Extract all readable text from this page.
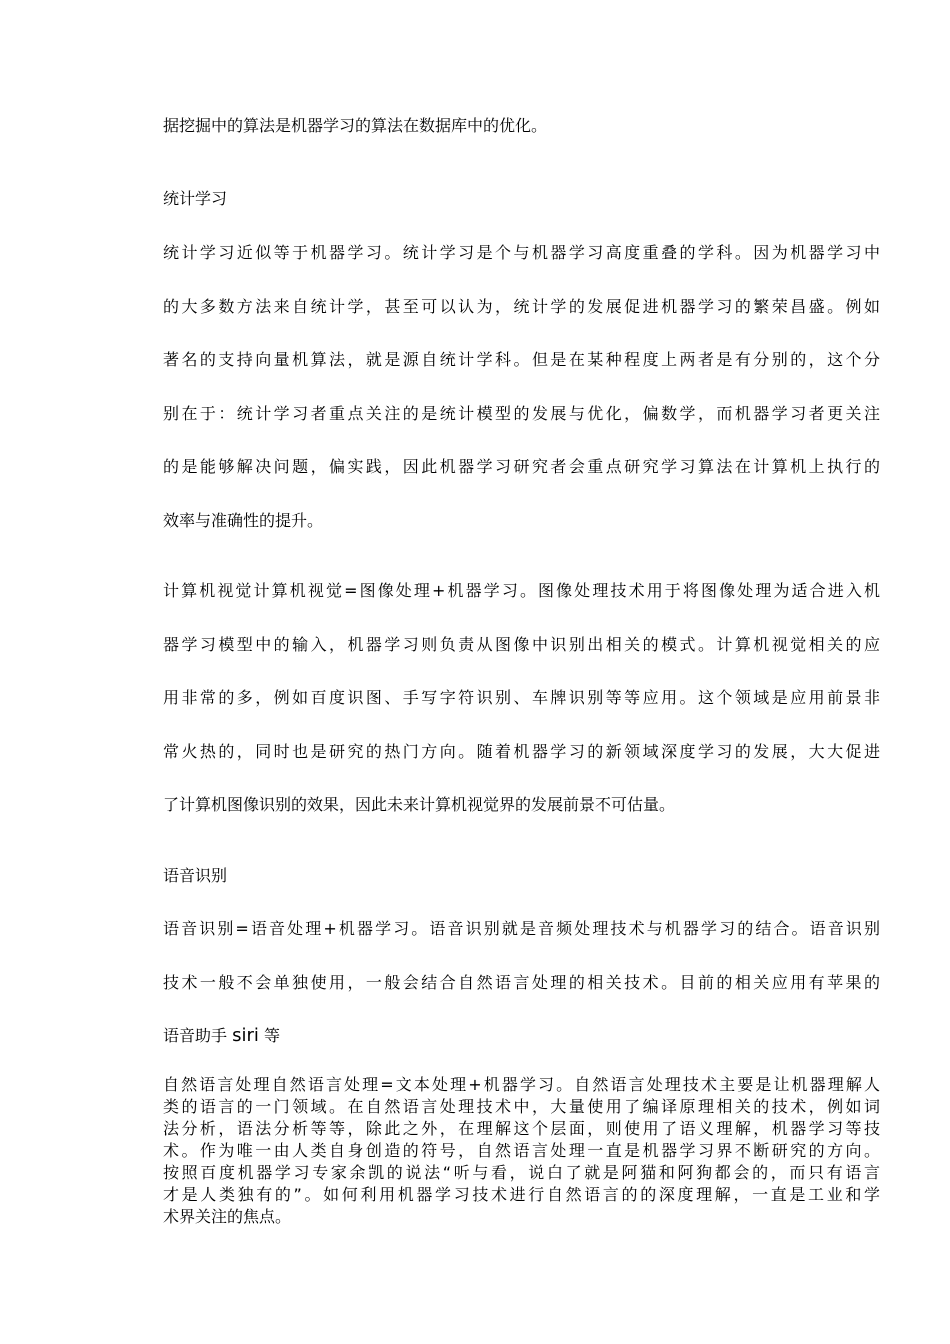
据挖掘中的算法是机器学习的算法在数据库中的优化。

统计学习

统计学习近似等于机器学习。统计学习是个与机器学习高度重叠的学科。因为机器学习中
的大多数方法来自统计学，甚至可以认为，统计学的发展促进机器学习的繁荣昌盛。例如
著名的支持向量机算法，就是源自统计学科。但是在某种程度上两者是有分别的，这个分
别在于：统计学习者重点关注的是统计模型的发展与优化，偏数学，而机器学习者更关注
的是能够解决问题，偏实践，因此机器学习研究者会重点研究学习算法在计算机上执行的
效率与准确性的提升。
计算机视觉计算机视觉=图像处理+机器学习。图像处理技术用于将图像处理为适合进入机
器学习模型中的输入，机器学习则负责从图像中识别出相关的模式。计算机视觉相关的应
用非常的多，例如百度识图、手写字符识别、车牌识别等等应用。这个领域是应用前景非
常火热的，同时也是研究的热门方向。随着机器学习的新领域深度学习的发展，大大促进
了计算机图像识别的效果，因此未来计算机视觉界的发展前景不可估量。

语音识别

语音识别=语音处理+机器学习。语音识别就是音频处理技术与机器学习的结合。语音识别
技术一般不会单独使用，一般会结合自然语言处理的相关技术。目前的相关应用有苹果的
语音助手 siri 等
自然语言处理自然语言处理=文本处理+机器学习。自然语言处理技术主要是让机器理解人
类的语言的一门领域。在自然语言处理技术中，大量使用了编译原理相关的技术，例如词
法分析，语法分析等等，除此之外，在理解这个层面，则使用了语义理解，机器学习等技
术。作为唯一由人类自身创造的符号，自然语言处理一直是机器学习界不断研究的方向。
按照百度机器学习专家余凯的说法“听与看，说白了就是阿猫和阿狗都会的，而只有语言
才是人类独有的”。如何利用机器学习技术进行自然语言的的深度理解，一直是工业和学
术界关注的焦点。
